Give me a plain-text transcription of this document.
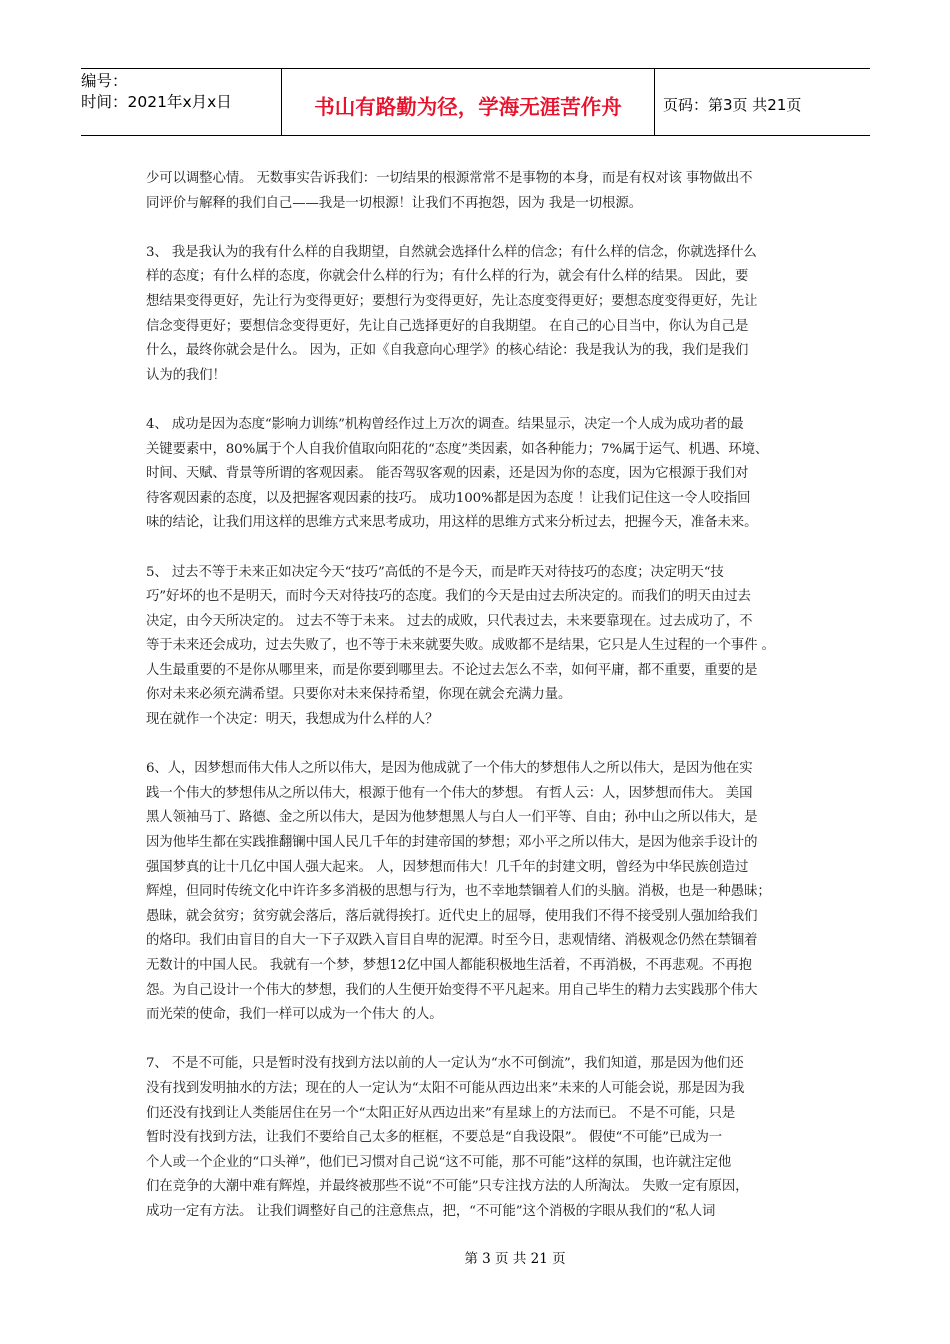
编号：
时间：2021年x月x日	书山有路勤为径，学海无涯苦作舟	页码：第3页 共21页
少可以调整心情。 无数事实告诉我们：一切结果的根源常常不是事物的本身，而是有权对该 事物做出不
同评价与解释的我们自己——我是一切根源！让我们不再抱怨，因为 我是一切根源。
3、 我是我认为的我有什么样的自我期望，自然就会选择什么样的信念；有什么样的信念，你就选择什么
样的态度；有什么样的态度，你就会什么样的行为；有什么样的行为，就会有什么样的结果。 因此，要
想结果变得更好，先让行为变得更好；要想行为变得更好，先让态度变得更好；要想态度变得更好，先让
信念变得更好；要想信念变得更好，先让自己选择更好的自我期望。 在自己的心目当中，你认为自己是
什么，最终你就会是什么。 因为，正如《自我意向心理学》的核心结论：我是我认为的我，我们是我们
认为的我们！
4、 成功是因为态度“影响力训练”机构曾经作过上万次的调查。结果显示，决定一个人成为成功者的最
关键要素中，80%属于个人自我价值取向阳花的“态度”类因素，如各种能力；7%属于运气、机遇、环境、
时间、天赋、背景等所谓的客观因素。 能否驾驭客观的因素，还是因为你的态度，因为它根源于我们对
待客观因素的态度，以及把握客观因素的技巧。 成功100%都是因为态度 ！让我们记住这一令人咬指回
味的结论，让我们用这样的思维方式来思考成功，用这样的思维方式来分析过去，把握今天，准备未来。
5、 过去不等于未来正如决定今天“技巧”高低的不是今天，而是昨天对待技巧的态度；决定明天“技
巧”好坏的也不是明天，而时今天对待技巧的态度。我们的今天是由过去所决定的。而我们的明天由过去
决定，由今天所决定的。 过去不等于未来。 过去的成败，只代表过去，未来要靠现在。过去成功了，不
等于未来还会成功，过去失败了，也不等于未来就要失败。成败都不是结果，它只是人生过程的一个事件 。
人生最重要的不是你从哪里来，而是你要到哪里去。不论过去怎么不幸，如何平庸，都不重要，重要的是
你对未来必须充满希望。只要你对未来保持希望，你现在就会充满力量。
现在就作一个决定：明天，我想成为什么样的人？
6、人，因梦想而伟大伟人之所以伟大，是因为他成就了一个伟大的梦想伟人之所以伟大，是因为他在实
践一个伟大的梦想伟从之所以伟大，根源于他有一个伟大的梦想。 有哲人云：人，因梦想而伟大。 美国
黑人领袖马丁、路德、金之所以伟大，是因为他梦想黑人与白人一们平等、自由；孙中山之所以伟大，是
因为他毕生都在实践推翻镧中国人民几千年的封建帝国的梦想；邓小平之所以伟大，是因为他亲手设计的
强国梦真的让十几亿中国人强大起来。 人，因梦想而伟大！几千年的封建文明，曾经为中华民族创造过
辉煌，但同时传统文化中许许多多消极的思想与行为，也不幸地禁锢着人们的头脑。消极，也是一种愚昧；
愚昧，就会贫穷；贫穷就会落后，落后就得挨打。近代史上的屈辱，使用我们不得不接受别人强加给我们
的烙印。我们由盲目的自大一下子双跌入盲目自卑的泥潭。时至今日，悲观情绪、消极观念仍然在禁锢着
无数计的中国人民。 我就有一个梦，梦想12亿中国人都能积极地生活着，不再消极，不再悲观。不再抱
怨。为自己设计一个伟大的梦想，我们的人生便开始变得不平凡起来。用自己毕生的精力去实践那个伟大
而光荣的使命，我们一样可以成为一个伟大 的人。
7、 不是不可能，只是暂时没有找到方法以前的人一定认为“水不可倒流”，我们知道，那是因为他们还
没有找到发明抽水的方法；现在的人一定认为“太阳不可能从西边出来”未来的人可能会说，那是因为我
们还没有找到让人类能居住在另一个“太阳正好从西边出来”有星球上的方法而已。 不是不可能，只是
暂时没有找到方法，让我们不要给自己太多的框框，不要总是“自我设限”。 假使“不可能”已成为一
个人或一个企业的“口头禅”，他们已习惯对自己说“这不可能，那不可能”这样的氛围，也许就注定他
们在竞争的大潮中难有辉煌，并最终被那些不说“不可能”只专注找方法的人所淘汰。 失败一定有原因，
成功一定有方法。 让我们调整好自己的注意焦点，把，“不可能”这个消极的字眼从我们的“私人词
第 3 页 共 21 页
